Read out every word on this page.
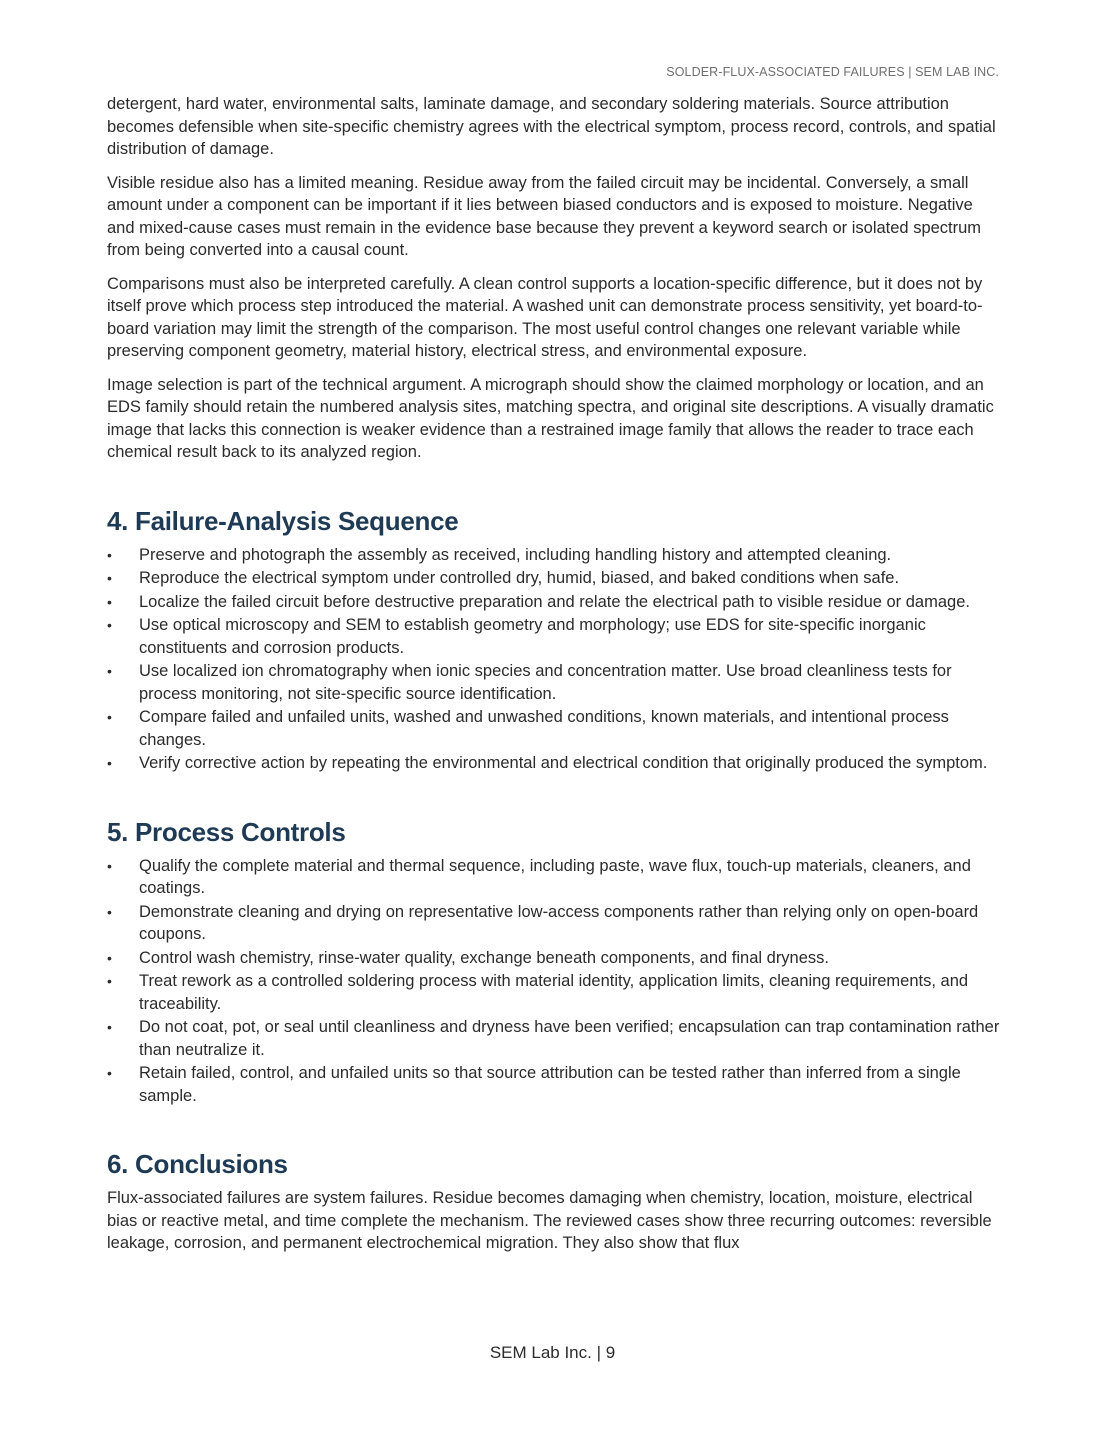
SOLDER-FLUX-ASSOCIATED FAILURES | SEM LAB INC.

detergent, hard water, environmental salts, laminate damage, and secondary soldering materials. Source attribution becomes defensible when site-specific chemistry agrees with the electrical symptom, process record, controls, and spatial distribution of damage.

Visible residue also has a limited meaning. Residue away from the failed circuit may be incidental. Conversely, a small amount under a component can be important if it lies between biased conductors and is exposed to moisture. Negative and mixed-cause cases must remain in the evidence base because they prevent a keyword search or isolated spectrum from being converted into a causal count.

Comparisons must also be interpreted carefully. A clean control supports a location-specific difference, but it does not by itself prove which process step introduced the material. A washed unit can demonstrate process sensitivity, yet board-to-board variation may limit the strength of the comparison. The most useful control changes one relevant variable while preserving component geometry, material history, electrical stress, and environmental exposure.

Image selection is part of the technical argument. A micrograph should show the claimed morphology or location, and an EDS family should retain the numbered analysis sites, matching spectra, and original site descriptions. A visually dramatic image that lacks this connection is weaker evidence than a restrained image family that allows the reader to trace each chemical result back to its analyzed region.

4. Failure-Analysis Sequence
•	Preserve and photograph the assembly as received, including handling history and attempted cleaning.
•	Reproduce the electrical symptom under controlled dry, humid, biased, and baked conditions when safe.
•	Localize the failed circuit before destructive preparation and relate the electrical path to visible residue or damage.
•	Use optical microscopy and SEM to establish geometry and morphology; use EDS for site-specific inorganic constituents and corrosion products.
•	Use localized ion chromatography when ionic species and concentration matter. Use broad cleanliness tests for process monitoring, not site-specific source identification.
•	Compare failed and unfailed units, washed and unwashed conditions, known materials, and intentional process changes.
•	Verify corrective action by repeating the environmental and electrical condition that originally produced the symptom.
5. Process Controls
•	Qualify the complete material and thermal sequence, including paste, wave flux, touch-up materials, cleaners, and coatings.
•	Demonstrate cleaning and drying on representative low-access components rather than relying only on open-board coupons.
•	Control wash chemistry, rinse-water quality, exchange beneath components, and final dryness.
•	Treat rework as a controlled soldering process with material identity, application limits, cleaning requirements, and traceability.
•	Do not coat, pot, or seal until cleanliness and dryness have been verified; encapsulation can trap contamination rather than neutralize it.
•	Retain failed, control, and unfailed units so that source attribution can be tested rather than inferred from a single sample.
6. Conclusions

Flux-associated failures are system failures. Residue becomes damaging when chemistry, location, moisture, electrical bias or reactive metal, and time complete the mechanism. The reviewed cases show three recurring outcomes: reversible leakage, corrosion, and permanent electrochemical migration. They also show that flux

SEM Lab Inc. | 9
